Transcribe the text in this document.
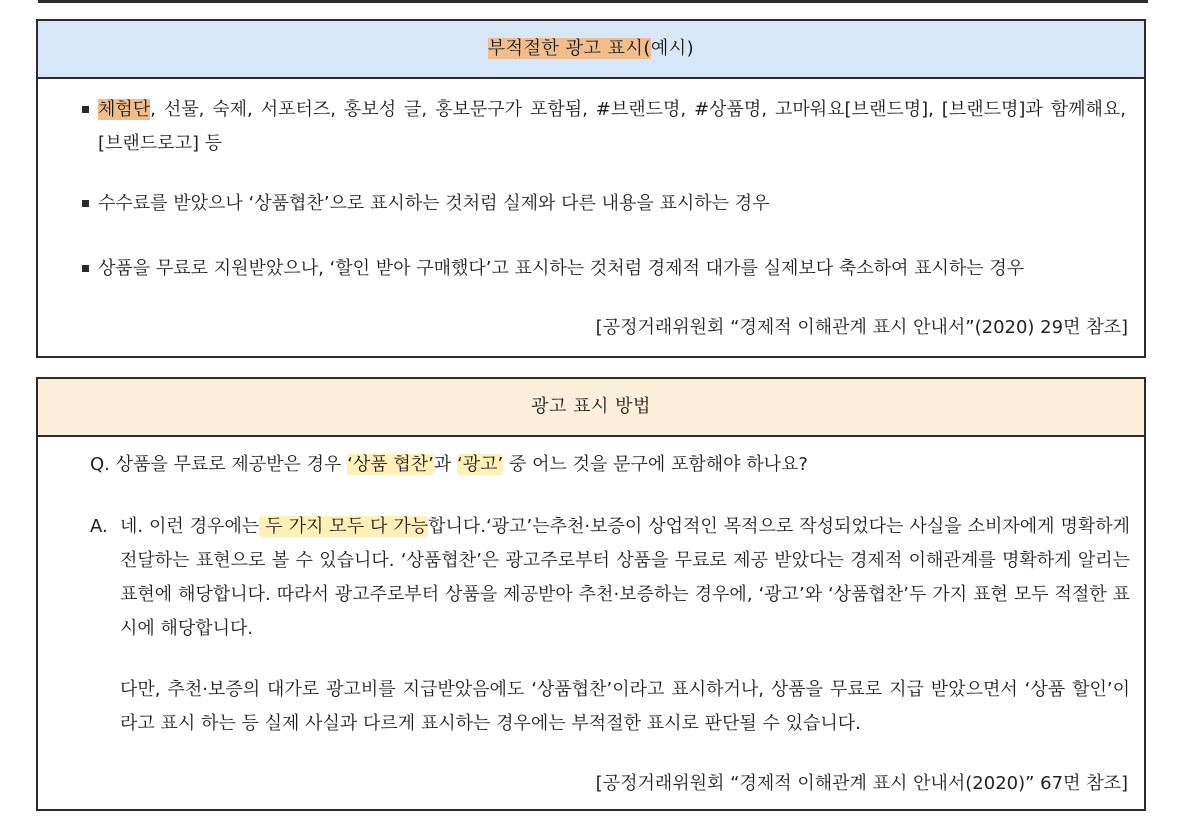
부적절한 광고 표시(예시)
체험단, 선물, 숙제, 서포터즈, 홍보성 글, 홍보문구가 포함됨, #브랜드명, #상품명, 고마워요[브랜드명], [브랜드명]과 함께해요, [브랜드로고] 등
수수료를 받았으나 ‘상품협찬’으로 표시하는 것처럼 실제와 다른 내용을 표시하는 경우
상품을 무료로 지원받았으나, ‘할인 받아 구매했다’고 표시하는 것처럼 경제적 대가를 실제보다 축소하여 표시하는 경우
[공정거래위원회 “경제적 이해관계 표시 안내서”(2020) 29면 참조]
광고 표시 방법
Q. 상품을 무료로 제공받은 경우 ‘상품 협찬’과 ‘광고’ 중 어느 것을 문구에 포함해야 하나요?
A. 네. 이런 경우에는 두 가지 모두 다 가능합니다.‘광고’는추천·보증이 상업적인 목적으로 작성되었다는 사실을 소비자에게 명확하게 전달하는 표현으로 볼 수 있습니다. ‘상품협찬’은 광고주로부터 상품을 무료로 제공 받았다는 경제적 이해관계를 명확하게 알리는 표현에 해당합니다. 따라서 광고주로부터 상품을 제공받아 추천·보증하는 경우에, ‘광고’와 ‘상품협찬’두 가지 표현 모두 적절한 표시에 해당합니다.
다만, 추천·보증의 대가로 광고비를 지급받았음에도 ‘상품협찬’이라고 표시하거나, 상품을 무료로 지급 받았으면서 ‘상품 할인’이라고 표시 하는 등 실제 사실과 다르게 표시하는 경우에는 부적절한 표시로 판단될 수 있습니다.
[공정거래위원회 “경제적 이해관계 표시 안내서(2020)” 67면 참조]
